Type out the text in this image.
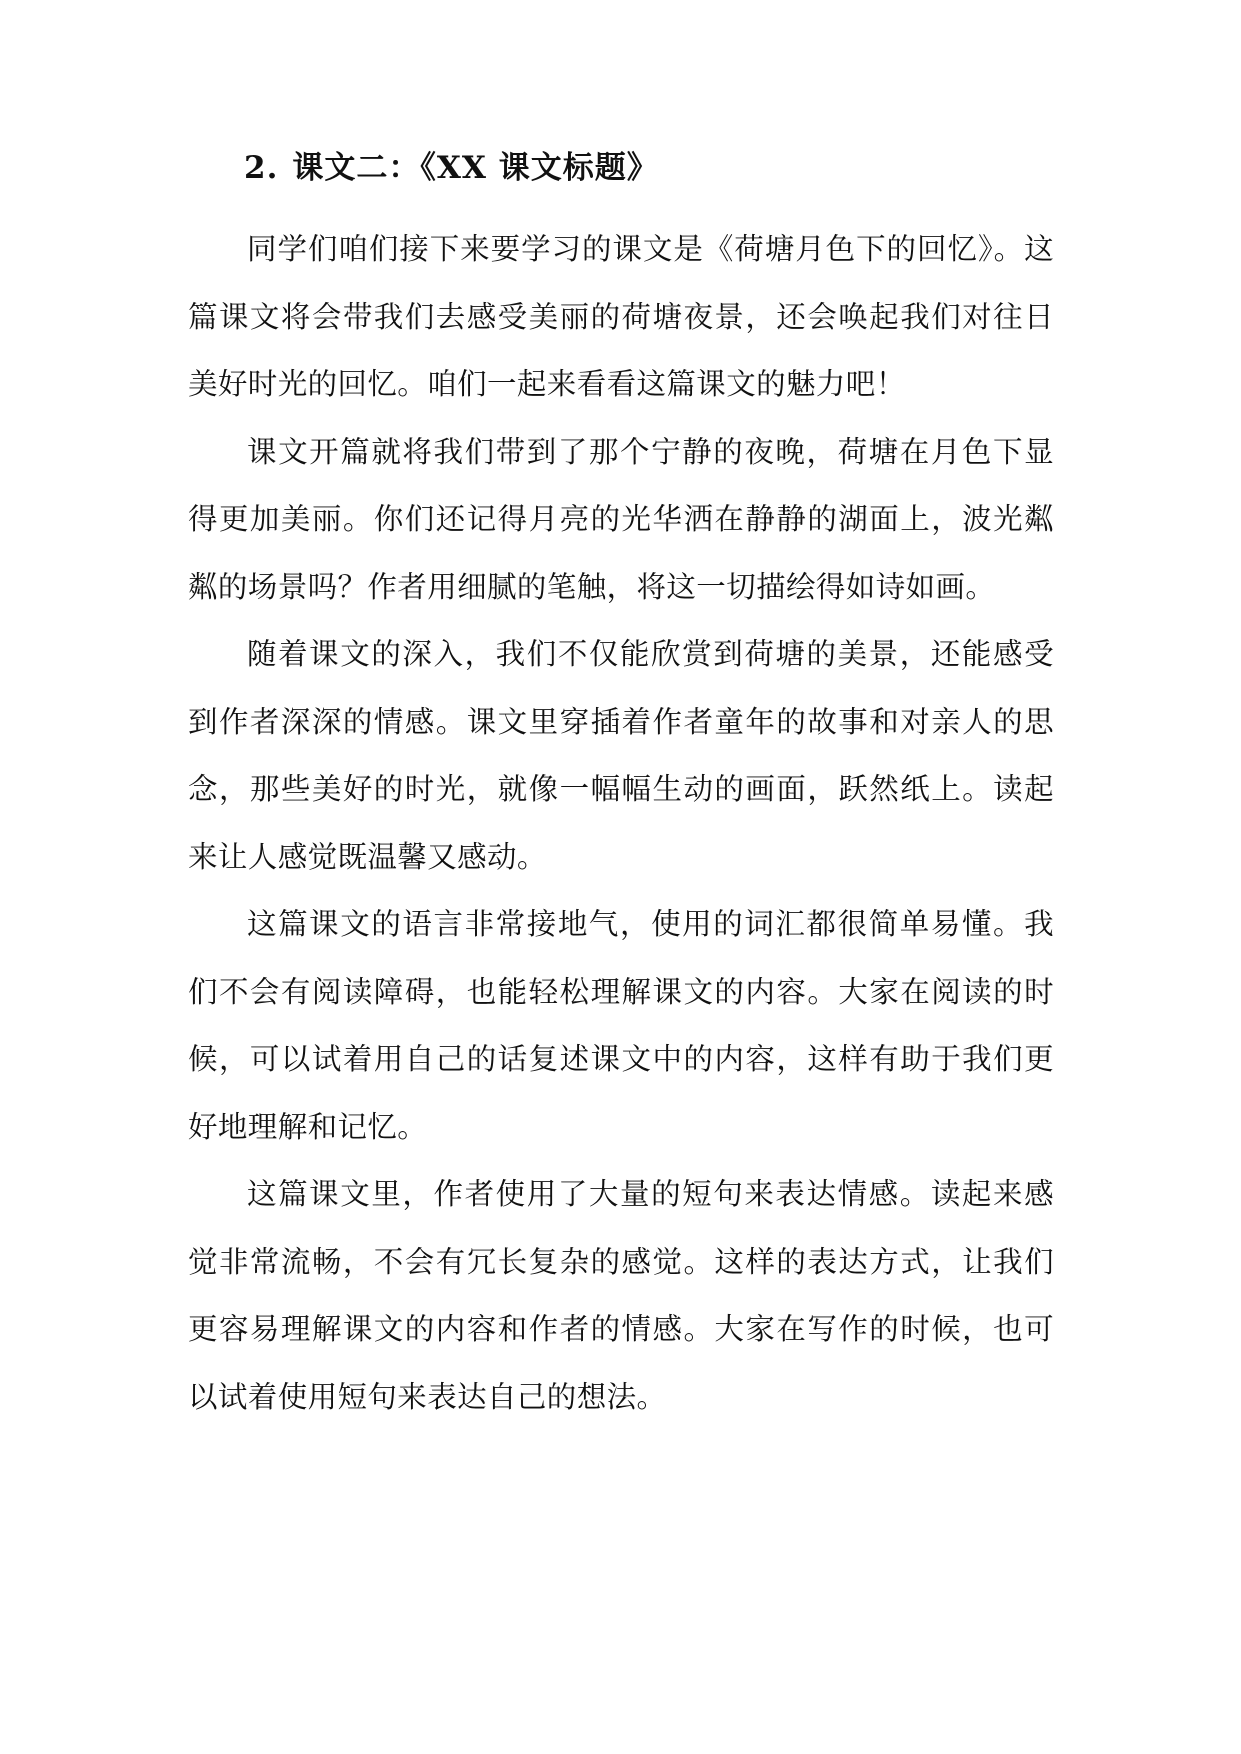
2. 课文二：《XX 课文标题》

同学们咱们接下来要学习的课文是《荷塘月色下的回忆》。这篇课文将会带我们去感受美丽的荷塘夜景，还会唤起我们对往日美好时光的回忆。咱们一起来看看这篇课文的魅力吧！

课文开篇就将我们带到了那个宁静的夜晚，荷塘在月色下显得更加美丽。你们还记得月亮的光华洒在静静的湖面上，波光粼粼的场景吗？作者用细腻的笔触，将这一切描绘得如诗如画。

随着课文的深入，我们不仅能欣赏到荷塘的美景，还能感受到作者深深的情感。课文里穿插着作者童年的故事和对亲人的思念，那些美好的时光，就像一幅幅生动的画面，跃然纸上。读起来让人感觉既温馨又感动。

这篇课文的语言非常接地气，使用的词汇都很简单易懂。我们不会有阅读障碍，也能轻松理解课文的内容。大家在阅读的时候，可以试着用自己的话复述课文中的内容，这样有助于我们更好地理解和记忆。

这篇课文里，作者使用了大量的短句来表达情感。读起来感觉非常流畅，不会有冗长复杂的感觉。这样的表达方式，让我们更容易理解课文的内容和作者的情感。大家在写作的时候，也可以试着使用短句来表达自己的想法。
